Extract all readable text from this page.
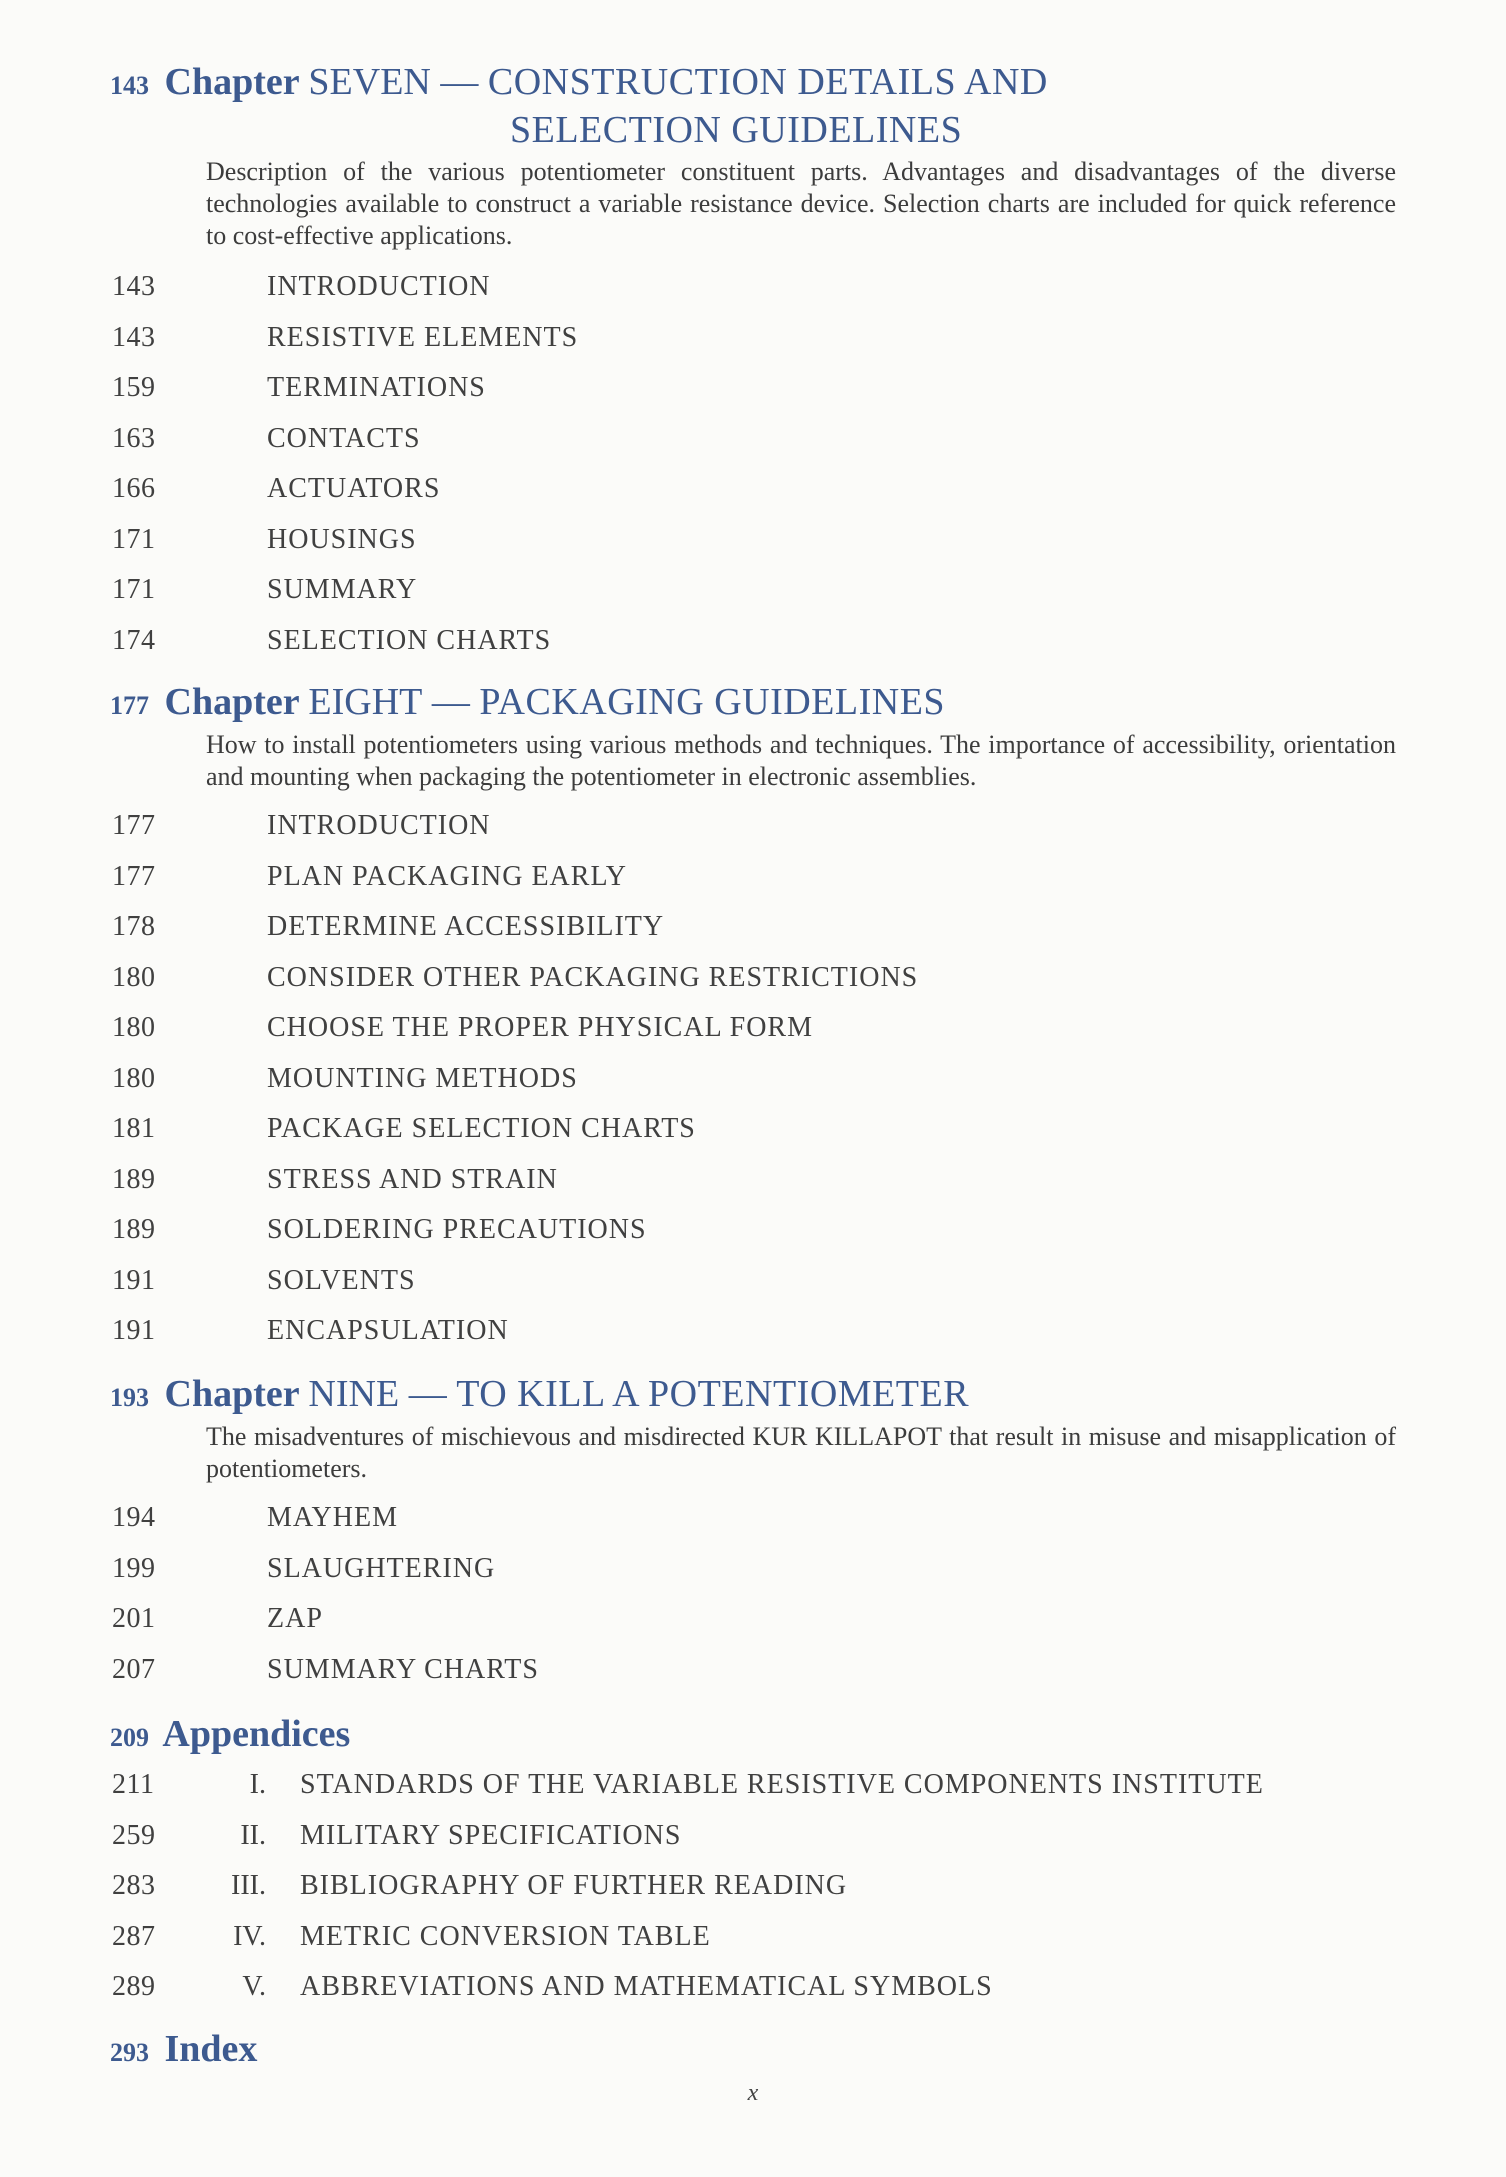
143 Chapter SEVEN — CONSTRUCTION DETAILS AND
SELECTION GUIDELINES
Description of the various potentiometer constituent parts. Advantages and disadvantages of the diverse technologies available to construct a variable resistance device. Selection charts are included for quick reference to cost-effective applications.
143	INTRODUCTION
143	RESISTIVE ELEMENTS
159	TERMINATIONS
163	CONTACTS
166	ACTUATORS
171	HOUSINGS
171	SUMMARY
174	SELECTION CHARTS
177 Chapter EIGHT — PACKAGING GUIDELINES
How to install potentiometers using various methods and techniques. The importance of accessibility, orientation and mounting when packaging the potentiometer in electronic assemblies.
177	INTRODUCTION
177	PLAN PACKAGING EARLY
178	DETERMINE ACCESSIBILITY
180	CONSIDER OTHER PACKAGING RESTRICTIONS
180	CHOOSE THE PROPER PHYSICAL FORM
180	MOUNTING METHODS
181	PACKAGE SELECTION CHARTS
189	STRESS AND STRAIN
189	SOLDERING PRECAUTIONS
191	SOLVENTS
191	ENCAPSULATION
193 Chapter NINE — TO KILL A POTENTIOMETER
The misadventures of mischievous and misdirected KUR KILLAPOT that result in misuse and misapplication of potentiometers.
194	MAYHEM
199	SLAUGHTERING
201	ZAP
207	SUMMARY CHARTS
209 Appendices
211	I. STANDARDS OF THE VARIABLE RESISTIVE COMPONENTS INSTITUTE
259	II. MILITARY SPECIFICATIONS
283	III. BIBLIOGRAPHY OF FURTHER READING
287	IV. METRIC CONVERSION TABLE
289	V. ABBREVIATIONS AND MATHEMATICAL SYMBOLS
293 Index
x
